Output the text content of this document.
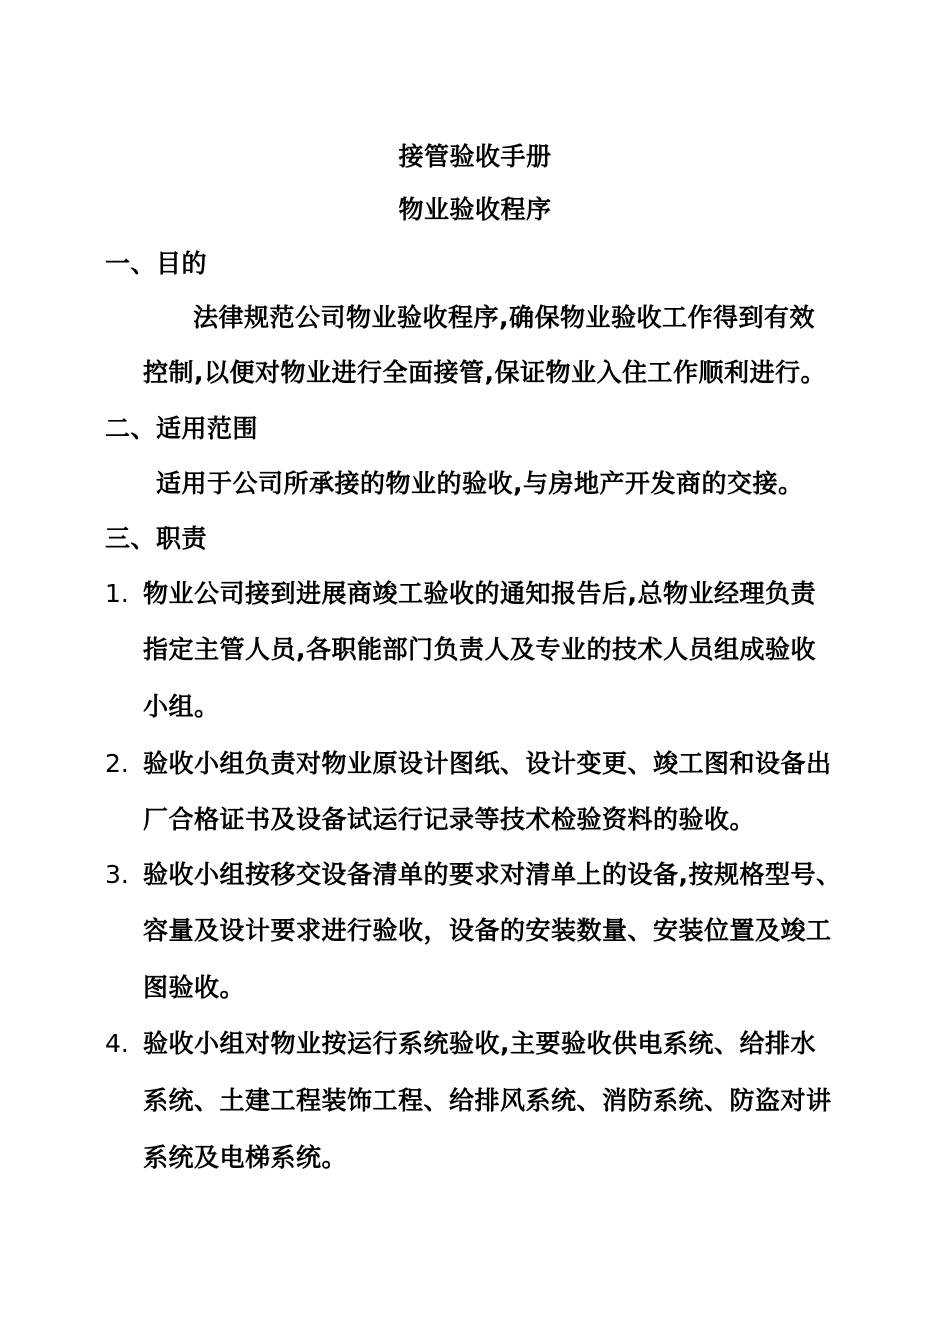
接管验收手册
物业验收程序
一、目的
法律规范公司物业验收程序,确保物业验收工作得到有效
控制,以便对物业进行全面接管,保证物业入住工作顺利进行。
二、适用范围
适用于公司所承接的物业的验收,与房地产开发商的交接。
三、职责
1. 物业公司接到进展商竣工验收的通知报告后,总物业经理负责
指定主管人员,各职能部门负责人及专业的技术人员组成验收
小组。
2. 验收小组负责对物业原设计图纸、设计变更、竣工图和设备出
厂合格证书及设备试运行记录等技术检验资料的验收。
3. 验收小组按移交设备清单的要求对清单上的设备,按规格型号、
容量及设计要求进行验收，设备的安装数量、安装位置及竣工
图验收。
4. 验收小组对物业按运行系统验收,主要验收供电系统、给排水
系统、土建工程装饰工程、给排风系统、消防系统、防盗对讲
系统及电梯系统。
